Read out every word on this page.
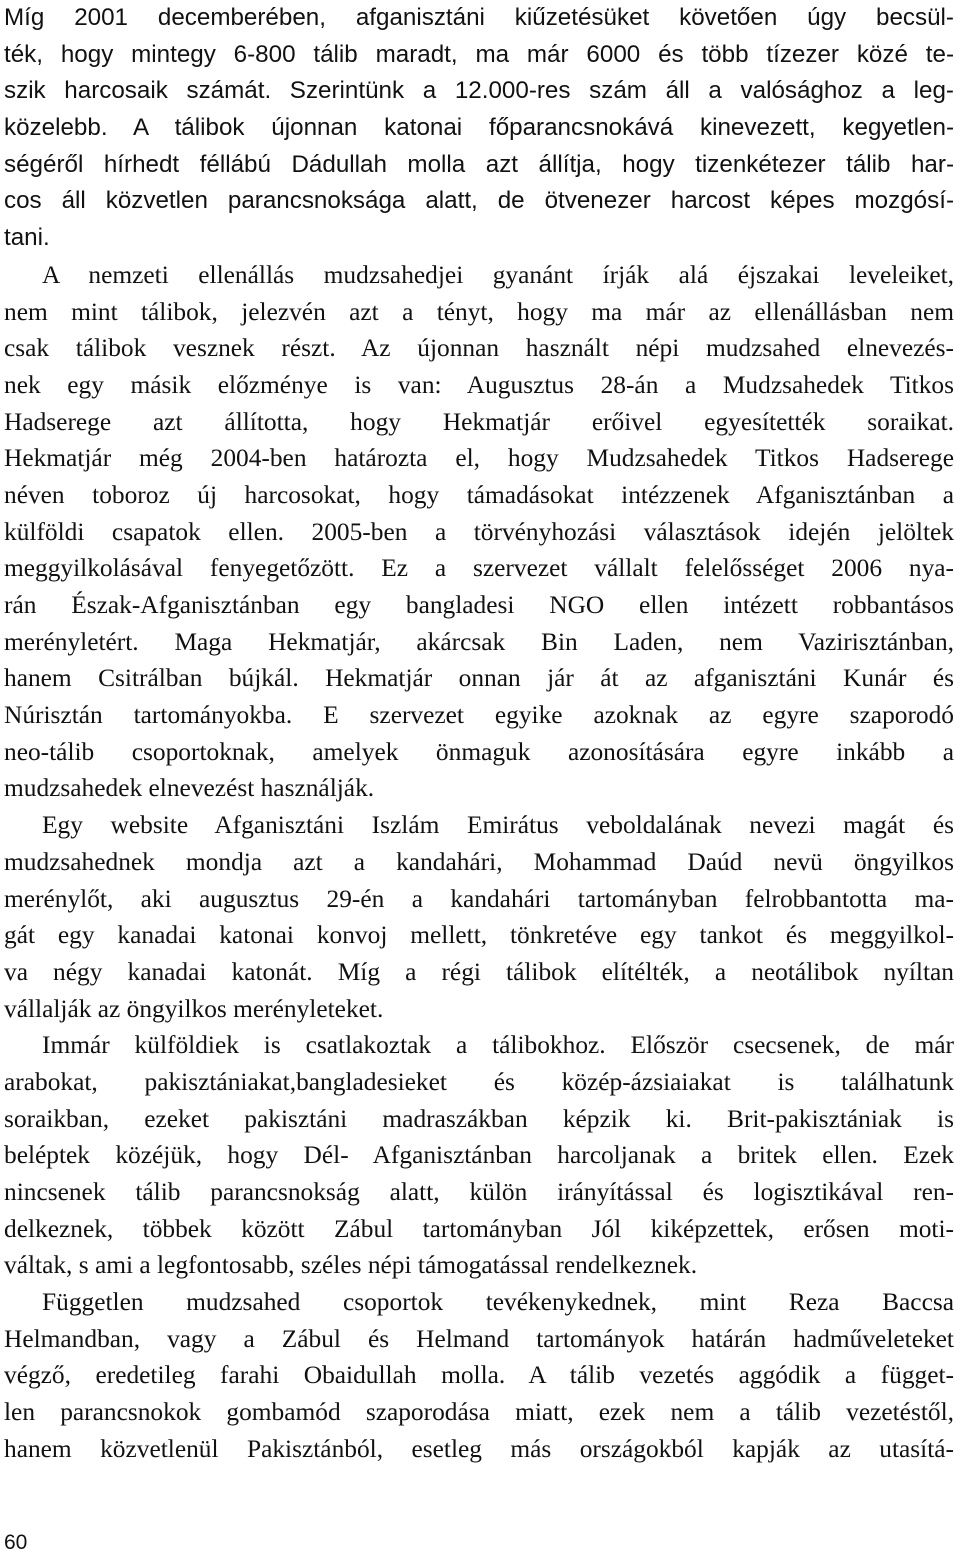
Míg 2001 decemberében, afganisztáni kiűzetésüket követően úgy becsül-
ték, hogy mintegy 6-800 tálib maradt, ma már 6000 és több tízezer közé te-
szik harcosaik számát. Szerintünk a 12.000-res szám áll a valósághoz a leg-
közelebb. A tálibok újonnan katonai főparancsnokává kinevezett, kegyetlen-
ségéről hírhedt féllábú Dádullah molla azt állítja, hogy tizenkétezer tálib har-
cos áll közvetlen parancsnoksága alatt, de ötvenezer harcost képes mozgósí-
tani.
A nemzeti ellenállás mudzsahedjei gyanánt írják alá éjszakai leveleiket,
nem mint tálibok, jelezvén azt a tényt, hogy ma már az ellenállásban nem
csak tálibok vesznek részt. Az újonnan használt népi mudzsahed elnevezés-
nek egy másik előzménye is van: Augusztus 28-án a Mudzsahedek Titkos
Hadserege azt állította, hogy Hekmatjár erőivel egyesítették soraikat.
Hekmatjár még 2004-ben határozta el, hogy Mudzsahedek Titkos Hadserege
néven toboroz új harcosokat, hogy támadásokat intézzenek Afganisztánban a
külföldi csapatok ellen. 2005-ben a törvényhozási választások idején jelöltek
meggyilkolásával fenyegetőzött. Ez a szervezet vállalt felelősséget 2006 nya-
rán Észak-Afganisztánban egy bangladesi NGO ellen intézett robbantásos
merényletért. Maga Hekmatjár, akárcsak Bin Laden, nem Vazirisztánban,
hanem Csitrálban bújkál. Hekmatjár onnan jár át az afganisztáni Kunár és
Núrisztán tartományokba. E szervezet egyike azoknak az egyre szaporodó
neo-tálib csoportoknak, amelyek önmaguk azonosítására egyre inkább a
mudzsahedek elnevezést használják.
Egy website Afganisztáni Iszlám Emirátus veboldalának nevezi magát és
mudzsahednek mondja azt a kandahári, Mohammad Daúd nevü öngyilkos
merénylőt, aki augusztus 29-én a kandahári tartományban felrobbantotta ma-
gát egy kanadai katonai konvoj mellett, tönkretéve egy tankot és meggyilkol-
va négy kanadai katonát. Míg a régi tálibok elítélték, a neotálibok nyíltan
vállalják az öngyilkos merényleteket.
Immár külföldiek is csatlakoztak a tálibokhoz. Először csecsenek, de már
arabokat, pakisztániakat,bangladesieket és közép-ázsiaiakat is találhatunk
soraikban, ezeket pakisztáni madraszákban képzik ki. Brit-pakisztániak is
beléptek közéjük, hogy Dél- Afganisztánban harcoljanak a britek ellen. Ezek
nincsenek tálib parancsnokság alatt, külön irányítással és logisztikával ren-
delkeznek, többek között Zábul tartományban Jól kiképzettek, erősen moti-
váltak, s ami a legfontosabb, széles népi támogatással rendelkeznek.
Független mudzsahed csoportok tevékenykednek, mint Reza Baccsa
Helmandban, vagy a Zábul és Helmand tartományok határán hadműveleteket
végző, eredetileg farahi Obaidullah molla. A tálib vezetés aggódik a függet-
len parancsnokok gombamód szaporodása miatt, ezek nem a tálib vezetéstől,
hanem közvetlenül Pakisztánból, esetleg más országokból kapják az utasítá-
60
